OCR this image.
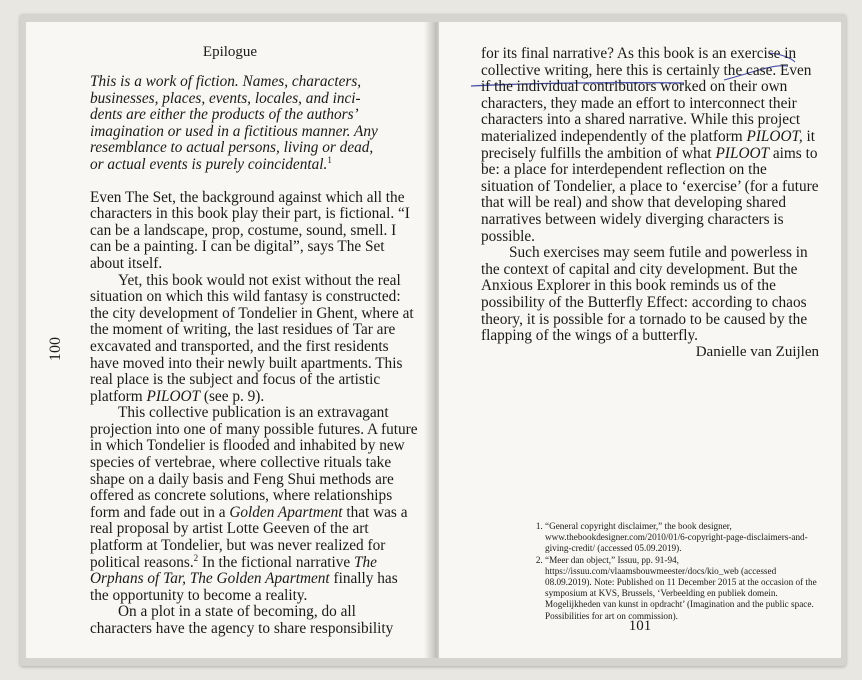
Epilogue
100

This is a work of fiction. Names, characters,
businesses, places, events, locales, and inci-
dents are either the products of the authors’
imagination or used in a fictitious manner. Any
resemblance to actual persons, living or dead,
or actual events is purely coincidental.$^1$

Even The Set, the background against which all the characters in this book play their part, is fictional. “I can be a landscape, prop, costume, sound, smell. I can be a painting. I can be digital”, says The Set about itself.

Yet, this book would not exist without the real situation on which this wild fantasy is constructed: the city development of Tondelier in Ghent, where at the moment of writing, the last residues of Tar are excavated and transported, and the first residents have moved into their newly built apartments. This real place is the subject and focus of the artistic platform PILOOT (see p. 9).

This collective publication is an extravagant projection into one of many possible futures. A future in which Tondelier is flooded and inhabited by new species of vertebrae, where collective rituals take shape on a daily basis and Feng Shui methods are offered as concrete solutions, where relationships form and fade out in a Golden Apartment that was a real proposal by artist Lotte Geeven of the art platform at Tondelier, but was never realized for political reasons.$^2$ In the fictional narrative The Orphans of Tar, The Golden Apartment finally has the opportunity to become a reality.

On a plot in a state of becoming, do all characters have the agency to share responsibility

for its final narrative? As this book is an exercise in collective writing, here this is certainly the case. Even if the individual contributors worked on their own characters, they made an effort to interconnect their characters into a shared narrative. While this project materialized independently of the platform PILOOT, it precisely fulfills the ambition of what PILOOT aims to be: a place for interdependent reflection on the situation of Tondelier, a place to ‘exercise’ (for a future that will be real) and show that developing shared narratives between widely diverging characters is possible.

Such exercises may seem futile and powerless in the context of capital and city development. But the Anxious Explorer in this book reminds us of the possibility of the Butterfly Effect: according to chaos theory, it is possible for a tornado to be caused by the flapping of the wings of a butterfly.

Danielle van Zuijlen
1. “General copyright disclaimer,” the book designer, www.thebookdesigner.com/2010/01/6-copyright-page-disclaimers-and-giving-credit/ (accessed 05.09.2019).
2. “Meer dan object,” Issuu, pp. 91-94, https://issuu.com/vlaamsbouwmeester/docs/kio_web (accessed 08.09.2019). Note: Published on 11 December 2015 at the occasion of the symposium at KVS, Brussels, ‘Verbeelding en publiek domein. Mogelijkheden van kunst in opdracht’ (Imagination and the public space. Possibilities for art on commission).
101
